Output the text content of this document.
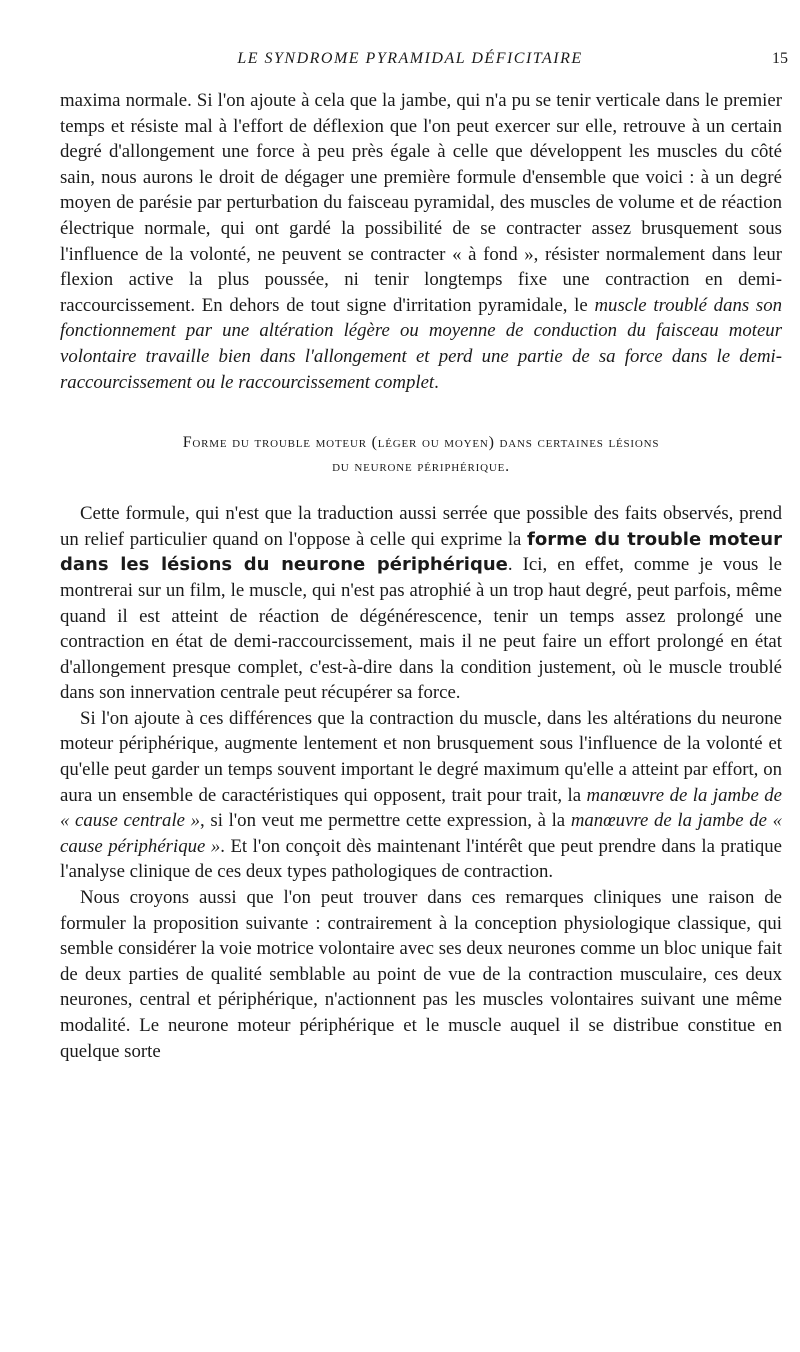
LE SYNDROME PYRAMIDAL DÉFICITAIRE	15

maxima normale. Si l'on ajoute à cela que la jambe, qui n'a pu se tenir verticale dans le premier temps et résiste mal à l'effort de déflexion que l'on peut exercer sur elle, retrouve à un certain degré d'allongement une force à peu près égale à celle que développent les muscles du côté sain, nous aurons le droit de dégager une première formule d'ensemble que voici : à un degré moyen de parésie par perturbation du faisceau pyramidal, des muscles de volume et de réaction électrique normale, qui ont gardé la possibilité de se contracter assez brusquement sous l'influence de la volonté, ne peuvent se contracter « à fond », résister normalement dans leur flexion active la plus poussée, ni tenir longtemps fixe une contraction en demi-raccourcissement. En dehors de tout signe d'irritation pyramidale, le muscle troublé dans son fonctionnement par une altération légère ou moyenne de conduction du faisceau moteur volontaire travaille bien dans l'allongement et perd une partie de sa force dans le demi-raccourcissement ou le raccourcissement complet.

Forme du trouble moteur (léger ou moyen) dans certaines lésions
du neurone périphérique.

Cette formule, qui n'est que la traduction aussi serrée que possible des faits observés, prend un relief particulier quand on l'oppose à celle qui exprime la forme du trouble moteur dans les lésions du neurone périphérique. Ici, en effet, comme je vous le montrerai sur un film, le muscle, qui n'est pas atrophié à un trop haut degré, peut parfois, même quand il est atteint de réaction de dégénérescence, tenir un temps assez prolongé une contraction en état de demi-raccourcissement, mais il ne peut faire un effort prolongé en état d'allongement presque complet, c'est-à-dire dans la condition justement, où le muscle troublé dans son innervation centrale peut récupérer sa force.

Si l'on ajoute à ces différences que la contraction du muscle, dans les altérations du neurone moteur périphérique, augmente lentement et non brusquement sous l'influence de la volonté et qu'elle peut garder un temps souvent important le degré maximum qu'elle a atteint par effort, on aura un ensemble de caractéristiques qui opposent, trait pour trait, la manœuvre de la jambe de « cause centrale », si l'on veut me permettre cette expression, à la manœuvre de la jambe de « cause périphérique ». Et l'on conçoit dès maintenant l'intérêt que peut prendre dans la pratique l'analyse clinique de ces deux types pathologiques de contraction.

Nous croyons aussi que l'on peut trouver dans ces remarques cliniques une raison de formuler la proposition suivante : contrairement à la conception physiologique classique, qui semble considérer la voie motrice volontaire avec ses deux neurones comme un bloc unique fait de deux parties de qualité semblable au point de vue de la contraction musculaire, ces deux neurones, central et périphérique, n'actionnent pas les muscles volontaires suivant une même modalité. Le neurone moteur périphérique et le muscle auquel il se distribue constitue en quelque sorte
